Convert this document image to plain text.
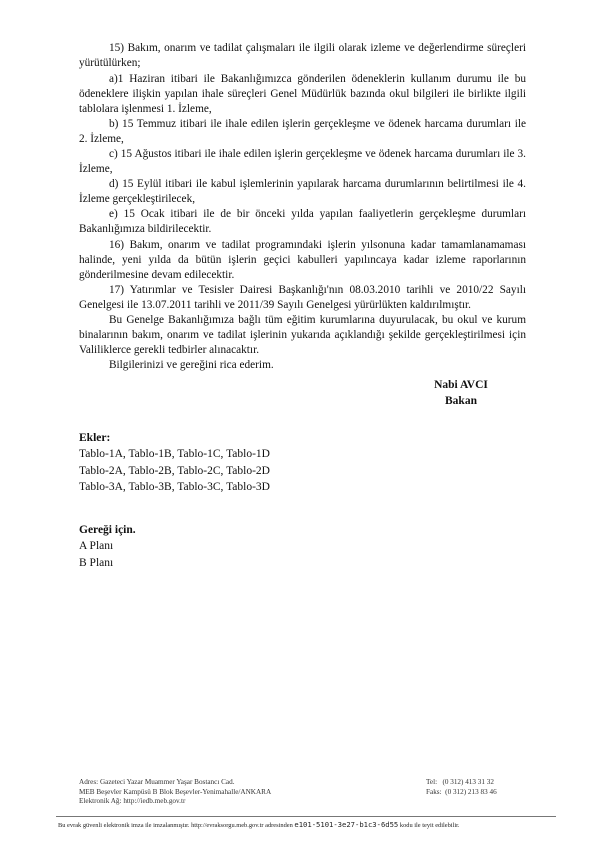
15) Bakım, onarım ve tadilat çalışmaları ile ilgili olarak izleme ve değerlendirme süreçleri yürütülürken;

a)1 Haziran itibari ile Bakanlığımızca gönderilen ödeneklerin kullanım durumu ile bu ödeneklere ilişkin yapılan ihale süreçleri Genel Müdürlük bazında okul bilgileri ile birlikte ilgili tablolara işlenmesi 1. İzleme,

b) 15 Temmuz itibari ile ihale edilen işlerin gerçekleşme ve ödenek harcama durumları ile 2. İzleme,

c) 15 Ağustos itibari ile ihale edilen işlerin gerçekleşme ve ödenek harcama durumları ile 3. İzleme,

d) 15 Eylül itibari ile kabul işlemlerinin yapılarak harcama durumlarının belirtilmesi ile 4. İzleme gerçekleştirilecek,

e) 15 Ocak itibari ile de bir önceki yılda yapılan faaliyetlerin gerçekleşme durumları Bakanlığımıza bildirilecektir.

16) Bakım, onarım ve tadilat programındaki işlerin yılsonuna kadar tamamlanamaması halinde, yeni yılda da bütün işlerin geçici kabulleri yapılıncaya kadar izleme raporlarının gönderilmesine devam edilecektir.

17) Yatırımlar ve Tesisler Dairesi Başkanlığı'nın 08.03.2010 tarihli ve 2010/22 Sayılı Genelgesi ile 13.07.2011 tarihli ve 2011/39 Sayılı Genelgesi yürürlükten kaldırılmıştır.

Bu Genelge Bakanlığımıza bağlı tüm eğitim kurumlarına duyurulacak, bu okul ve kurum binalarının bakım, onarım ve tadilat işlerinin yukarıda açıklandığı şekilde gerçekleştirilmesi için Valiliklerce gerekli tedbirler alınacaktır.

Bilgilerinizi ve gereğini rica ederim.

Nabi AVCI
Bakan
Ekler:
Tablo-1A, Tablo-1B, Tablo-1C, Tablo-1D
Tablo-2A, Tablo-2B, Tablo-2C, Tablo-2D
Tablo-3A, Tablo-3B, Tablo-3C, Tablo-3D
Gereği için.
A Planı
B Planı
Adres: Gazeteci Yazar Muammer Yaşar Bostancı Cad.
MEB Beşevler Kampüsü B Blok Beşevler-Yenimahalle/ANKARA
Elektronik Ağ: http://iedb.meb.gov.tr
Tel:   (0 312) 413 31 32
Faks:  (0 312) 213 83 46
Bu evrak güvenli elektronik imza ile imzalanmıştır. http://evraksorgu.meb.gov.tr adresinden e101-5101-3e27-b1c3-6d55 kodu ile teyit edilebilir.
